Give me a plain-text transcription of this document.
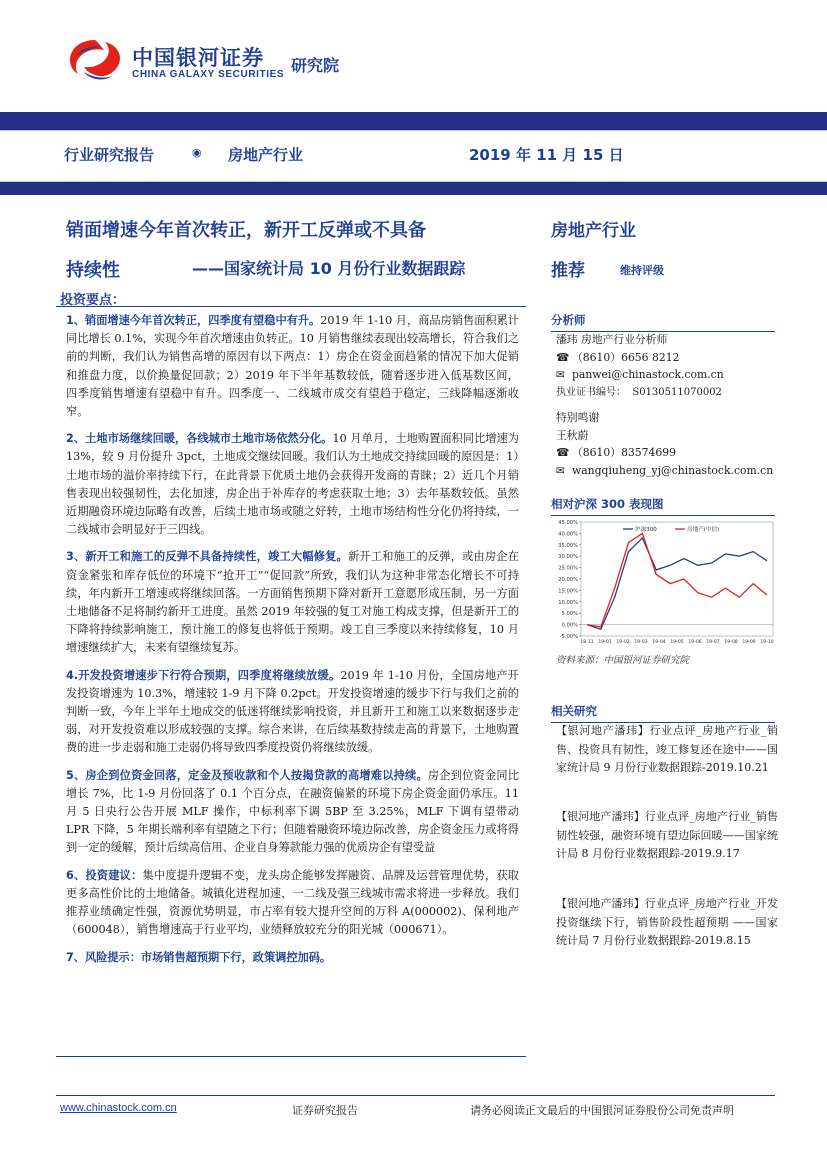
中国银河证券
CHINA GALAXY SECURITIES 研究院
行业研究报告	◉ 房地产行业	2019 年 11 月 15 日
销面增速今年首次转正，新开工反弹或不具备
持续性	——国家统计局 10 月份行业数据跟踪
房地产行业
推荐	维持评级
投资要点：

1、销面增速今年首次转正，四季度有望稳中有升。2019 年 1-10 月，商品房销售面积累计同比增长 0.1%，实现今年首次增速由负转正。10 月销售继续表现出较高增长，符合我们之前的判断，我们认为销售高增的原因有以下两点：1）房企在资金面趋紧的情况下加大促销和推盘力度，以价换量促回款；2）2019 年下半年基数较低，随着逐步进入低基数区间，四季度销售增速有望稳中有升。四季度一、二线城市成交有望趋于稳定，三线降幅逐渐收窄。

2、土地市场继续回暖，各线城市土地市场依然分化。10 月单月，土地购置面积同比增速为 13%，较 9 月份提升 3pct，土地成交继续回暖。我们认为土地成交持续回暖的原因是：1）土地市场的溢价率持续下行，在此背景下优质土地仍会获得开发商的青睐；2）近几个月销售表现出较强韧性，去化加速，房企出于补库存的考虑获取土地；3）去年基数较低。虽然近期融资环境边际略有改善，后续土地市场或随之好转，土地市场结构性分化仍将持续，一二线城市会明显好于三四线。

3、新开工和施工的反弹不具备持续性，竣工大幅修复。新开工和施工的反弹，或由房企在资金紧张和库存低位的环境下“抢开工”“促回款”所致，我们认为这种非常态化增长不可持续，年内新开工增速或将继续回落。一方面销售预期下降对新开工意愿形成压制，另一方面土地储备不足将制约新开工进度。虽然 2019 年较强的复工对施工构成支撑，但是新开工的下降将持续影响施工，预计施工的修复也将低于预期。竣工自三季度以来持续修复，10 月增速继续扩大，未来有望继续复苏。

4.开发投资增速步下行符合预期，四季度将继续放缓。2019 年 1-10 月份，全国房地产开发投资增速为 10.3%，增速较 1-9 月下降 0.2pct。开发投资增速的缓步下行与我们之前的判断一致，今年上半年土地成交的低迷将继续影响投资，并且新开工和施工以来数据逐步走弱，对开发投资难以形成较强的支撑。综合来讲，在后续基数持续走高的背景下，土地购置费的进一步走弱和施工走弱仍将导致四季度投资仍将继续放缓。

5、房企到位资金回落，定金及预收款和个人按揭贷款的高增难以持续。房企到位资金同比增长 7%，比 1-9 月份回落了 0.1 个百分点，在融资偏紧的环境下房企资金面仍承压。11 月 5 日央行公告开展 MLF 操作，中标利率下调 5BP 至 3.25%，MLF 下调有望带动 LPR 下降，5 年期长端利率有望随之下行；但随着融资环境边际改善，房企资金压力或将得到一定的缓解，预计后续高信用、企业自身筹款能力强的优质房企有望受益

6、投资建议：集中度提升逻辑不变，龙头房企能够发挥融资、品牌及运营管理优势，获取更多高性价比的土地储备。城镇化进程加速，一二线及强三线城市需求将进一步释放。我们推荐业绩确定性强，资源优势明显，市占率有较大提升空间的万科 A(000002)、保利地产（600048），销售增速高于行业平均，业绩释放较充分的阳光城（000671）。

7、风险提示：市场销售超预期下行，政策调控加码。

分析师
潘玮 房地产行业分析师
☎ （8610）6656 8212
✉ panwei@chinastock.com.cn
执业证书编号： S0130511070002
特别鸣谢
王秋蔚
☎ （8610）83574699
✉ wangqiuheng_yj@chinastock.com.cn
相对沪深 300 表现图
45.00%
40.00%
35.00%
30.00%
25.00%
20.00%
15.00%
10.00%
5.00%
0.00%
-5.00%
18-11 19-01 19-02 19-03 19-04 19-05 19-06 19-07 19-08 19-09 19-10
沪深300	房地产(中信)
资料来源：中国银河证券研究院
相关研究
【银河地产潘玮】行业点评_房地产行业_销售、投资具有韧性，竣工修复还在途中——国家统计局 9 月份行业数据跟踪-2019.10.21
【银河地产潘玮】行业点评_房地产行业_销售韧性较强，融资环境有望边际回暖——国家统计局 8 月份行业数据跟踪-2019.9.17
【银河地产潘玮】行业点评_房地产行业_开发投资继续下行，销售阶段性超预期 ——国家统计局 7 月份行业数据跟踪-2019.8.15
www.chinastock.com.cn	证券研究报告	请务必阅读正文最后的中国银河证券股份公司免责声明
